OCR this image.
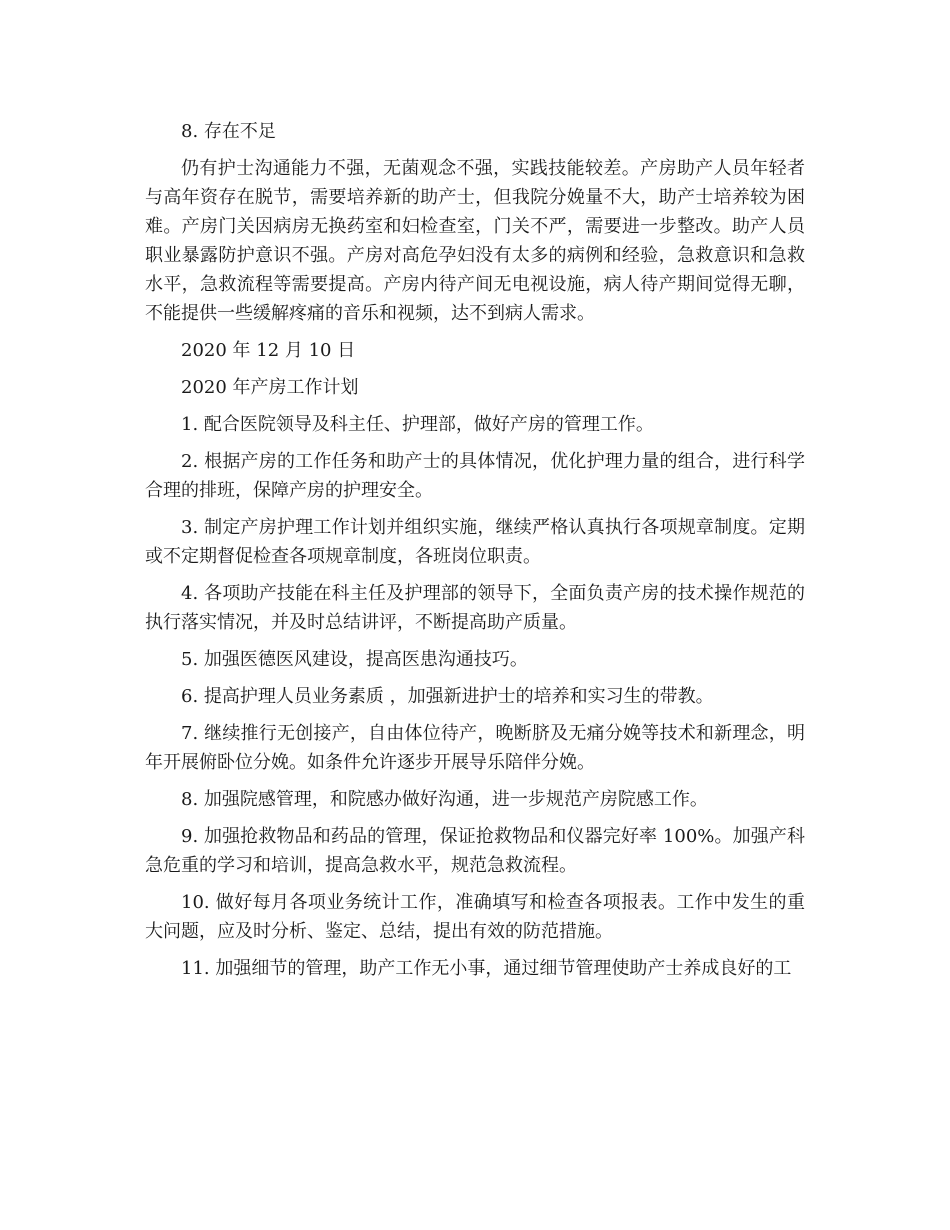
8. 存在不足

仍有护士沟通能力不强，无菌观念不强，实践技能较差。产房助产人员年轻者与高年资存在脱节，需要培养新的助产士，但我院分娩量不大，助产士培养较为困难。产房门关因病房无换药室和妇检查室，门关不严，需要进一步整改。助产人员职业暴露防护意识不强。产房对高危孕妇没有太多的病例和经验，急救意识和急救水平，急救流程等需要提高。产房内待产间无电视设施，病人待产期间觉得无聊，不能提供一些缓解疼痛的音乐和视频，达不到病人需求。

2020 年 12 月 10 日

2020 年产房工作计划

1. 配合医院领导及科主任、护理部，做好产房的管理工作。

2. 根据产房的工作任务和助产士的具体情况，优化护理力量的组合，进行科学合理的排班，保障产房的护理安全。

3. 制定产房护理工作计划并组织实施，继续严格认真执行各项规章制度。定期或不定期督促检查各项规章制度，各班岗位职责。

4. 各项助产技能在科主任及护理部的领导下，全面负责产房的技术操作规范的执行落实情况，并及时总结讲评，不断提高助产质量。

5. 加强医德医风建设，提高医患沟通技巧。

6. 提高护理人员业务素质 ，加强新进护士的培养和实习生的带教。

7. 继续推行无创接产，自由体位待产，晚断脐及无痛分娩等技术和新理念，明年开展俯卧位分娩。如条件允许逐步开展导乐陪伴分娩。

8. 加强院感管理，和院感办做好沟通，进一步规范产房院感工作。

9. 加强抢救物品和药品的管理，保证抢救物品和仪器完好率 100%。加强产科急危重的学习和培训，提高急救水平，规范急救流程。

10. 做好每月各项业务统计工作，准确填写和检查各项报表。工作中发生的重大问题，应及时分析、鉴定、总结，提出有效的防范措施。

11. 加强细节的管理，助产工作无小事，通过细节管理使助产士养成良好的工
